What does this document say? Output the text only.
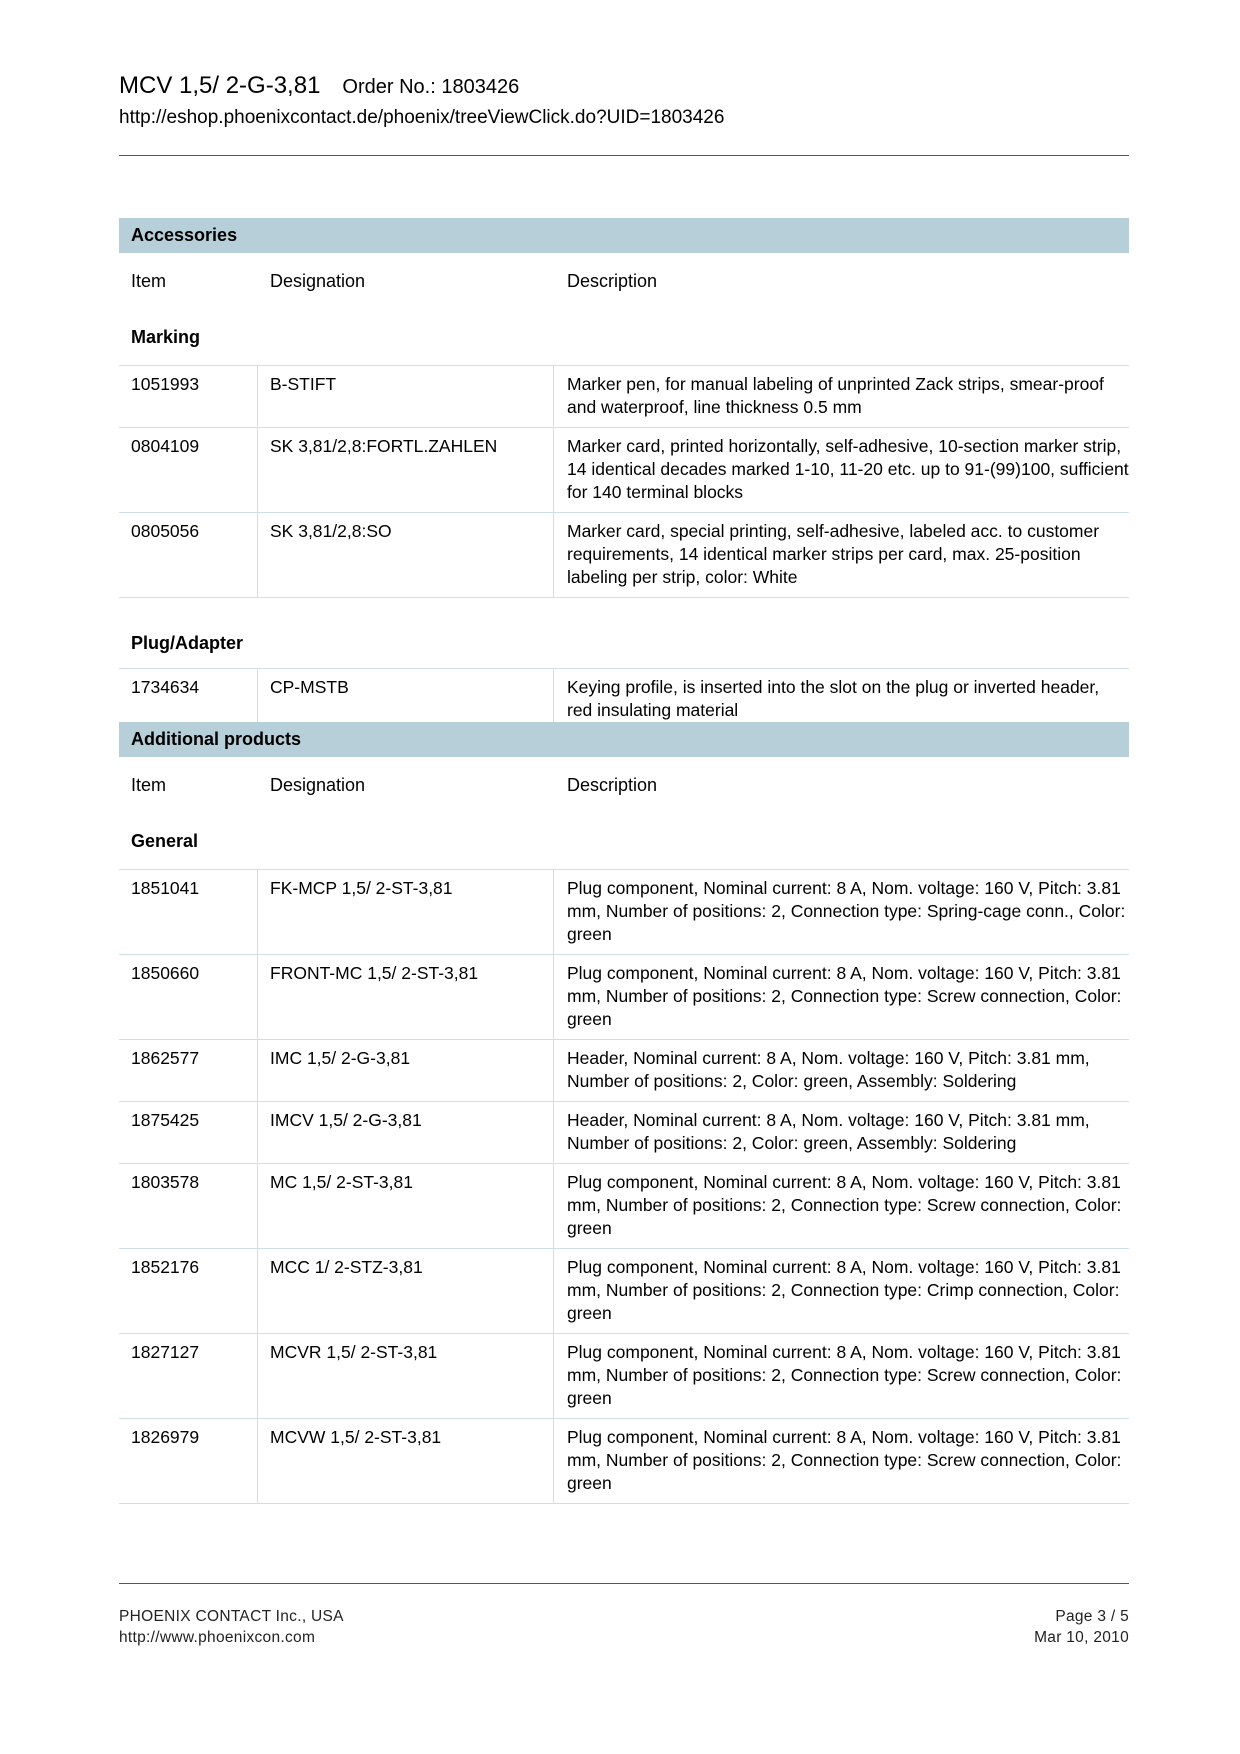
MCV 1,5/ 2-G-3,81 Order No.: 1803426
http://eshop.phoenixcontact.de/phoenix/treeViewClick.do?UID=1803426
Accessories
Item	Designation	Description
Marking
1051993	B-STIFT	Marker pen, for manual labeling of unprinted Zack strips, smear-proof and waterproof, line thickness 0.5 mm
0804109	SK 3,81/2,8:FORTL.ZAHLEN	Marker card, printed horizontally, self-adhesive, 10-section marker strip, 14 identical decades marked 1-10, 11-20 etc. up to 91-(99)100, sufficient for 140 terminal blocks
0805056	SK 3,81/2,8:SO	Marker card, special printing, self-adhesive, labeled acc. to customer requirements, 14 identical marker strips per card, max. 25-position labeling per strip, color: White
Plug/Adapter
1734634	CP-MSTB	Keying profile, is inserted into the slot on the plug or inverted header, red insulating material
Additional products
Item	Designation	Description
General
1851041	FK-MCP 1,5/ 2-ST-3,81	Plug component, Nominal current: 8 A, Nom. voltage: 160 V, Pitch: 3.81 mm, Number of positions: 2, Connection type: Spring-cage conn., Color: green
1850660	FRONT-MC 1,5/ 2-ST-3,81	Plug component, Nominal current: 8 A, Nom. voltage: 160 V, Pitch: 3.81 mm, Number of positions: 2, Connection type: Screw connection, Color: green
1862577	IMC 1,5/ 2-G-3,81	Header, Nominal current: 8 A, Nom. voltage: 160 V, Pitch: 3.81 mm, Number of positions: 2, Color: green, Assembly: Soldering
1875425	IMCV 1,5/ 2-G-3,81	Header, Nominal current: 8 A, Nom. voltage: 160 V, Pitch: 3.81 mm, Number of positions: 2, Color: green, Assembly: Soldering
1803578	MC 1,5/ 2-ST-3,81	Plug component, Nominal current: 8 A, Nom. voltage: 160 V, Pitch: 3.81 mm, Number of positions: 2, Connection type: Screw connection, Color: green
1852176	MCC 1/ 2-STZ-3,81	Plug component, Nominal current: 8 A, Nom. voltage: 160 V, Pitch: 3.81 mm, Number of positions: 2, Connection type: Crimp connection, Color: green
1827127	MCVR 1,5/ 2-ST-3,81	Plug component, Nominal current: 8 A, Nom. voltage: 160 V, Pitch: 3.81 mm, Number of positions: 2, Connection type: Screw connection, Color: green
1826979	MCVW 1,5/ 2-ST-3,81	Plug component, Nominal current: 8 A, Nom. voltage: 160 V, Pitch: 3.81 mm, Number of positions: 2, Connection type: Screw connection, Color: green
PHOENIX CONTACT Inc., USA
http://www.phoenixcon.com
Page 3 / 5
Mar 10, 2010
